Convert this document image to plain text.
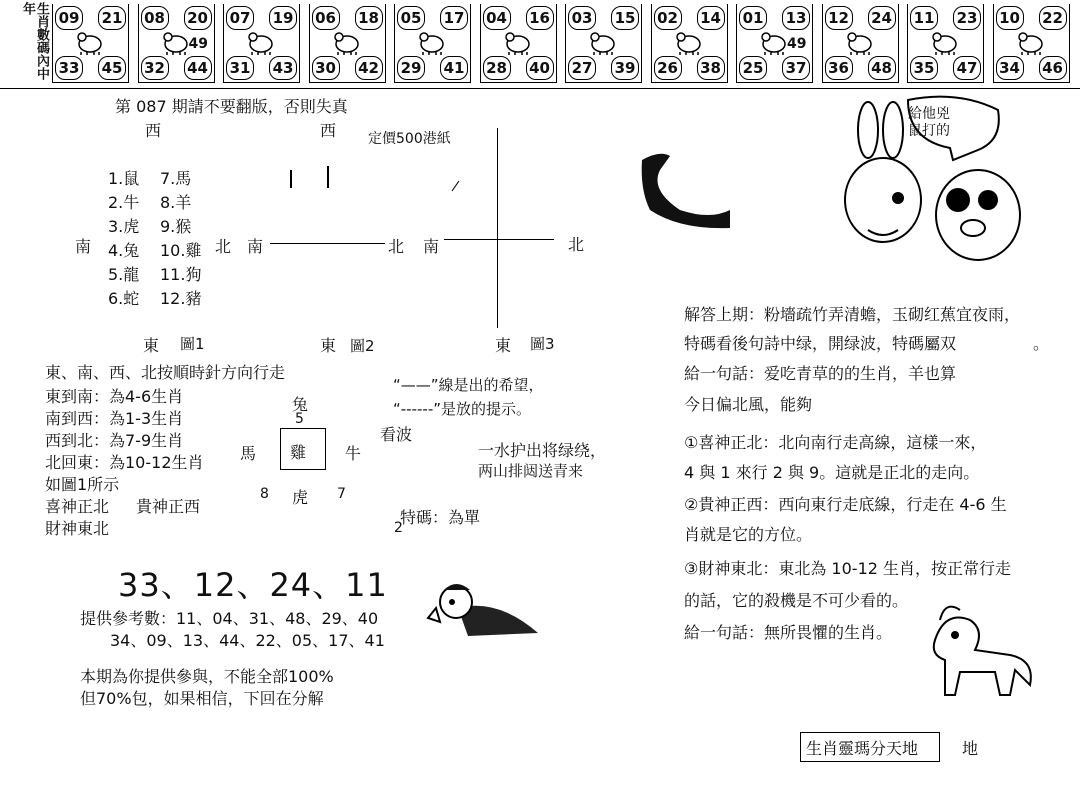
生肖數碼內中年
09 21
33 45
08 20
32 44
49
07 19
31 43
06 18
30 42
05 17
29 41
04 16
28 40
03 15
27 39
02 14
26 38
01 13
25 37
49
12 24
36 48
11 23
35 47
10 22
34 46
第 087 期請不要翻版，否則失真
定價500港紙
西
1.鼠
2.牛
3.虎
4.兔
5.龍
6.蛇
7.馬
8.羊
9.猴
10.雞
11.狗
12.豬
南	北
東 圖1
西
南	北
東 圖2
南	北
東 圖3
東、南、西、北按順時針方向行走
東到南：為4-6生肖
南到西：為1-3生肖
西到北：為7-9生肖
北回東：為10-12生肖
如圖1所示
喜神正北 貴神正西
財神東北
“——”線是出的希望，
“------”是放的提示。
兔
5
馬 雞 牛
8 虎 7
看波
一水护出将绿绕，
两山排闼送青来
特碼：為單
2
33、12、24、11
提供參考數：11、04、31、48、29、40
34、09、13、44、22、05、17、41
本期為你提供參與，不能全部100%
但70%包，如果相信，下回在分解
給他兇
鼠打的
解答上期：粉墻疏竹弄清蟾，玉砌红蕉宜夜雨，
特碼看後句詩中绿，開绿波，特碼屬双	。
給一句話：爱吃青草的的生肖，羊也算
今日偏北風，能夠
①喜神正北：北向南行走高線，這樣一來，
4 與 1 來行 2 與 9。這就是正北的走向。
②貴神正西：西向東行走底線，行走在 4-6 生
肖就是它的方位。
③財神東北：東北為 10-12 生肖，按正常行走
的話，它的殺機是不可少看的。
給一句話：無所畏懼的生肖。
生肖靈瑪分天地	地
